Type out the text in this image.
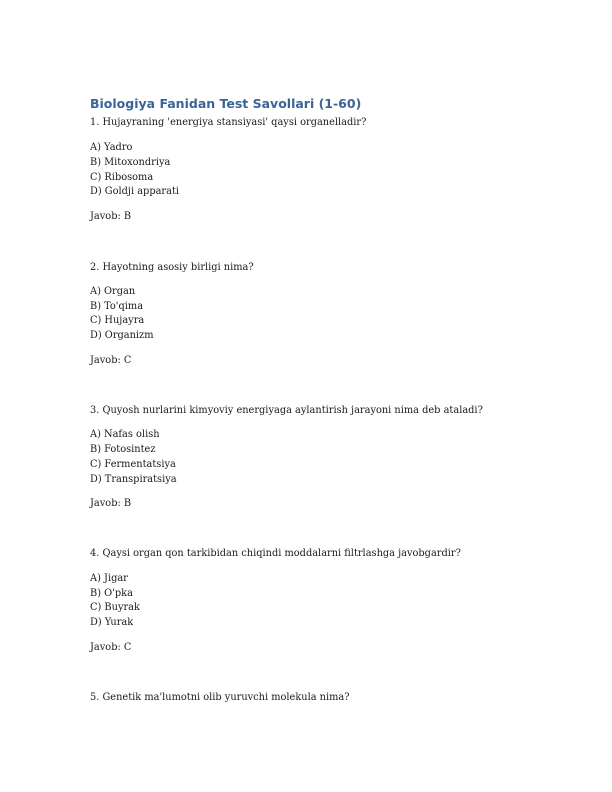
Biologiya Fanidan Test Savollari (1-60)
1. Hujayraning 'energiya stansiyasi' qaysi organelladir?
A) Yadro
B) Mitoxondriya
C) Ribosoma
D) Goldji apparati
Javob: B
2. Hayotning asosiy birligi nima?
A) Organ
B) To'qima
C) Hujayra
D) Organizm
Javob: C
3. Quyosh nurlarini kimyoviy energiyaga aylantirish jarayoni nima deb ataladi?
A) Nafas olish
B) Fotosintez
C) Fermentatsiya
D) Transpiratsiya
Javob: B
4. Qaysi organ qon tarkibidan chiqindi moddalarni filtrlashga javobgardir?
A) Jigar
B) O'pka
C) Buyrak
D) Yurak
Javob: C
5. Genetik ma'lumotni olib yuruvchi molekula nima?
